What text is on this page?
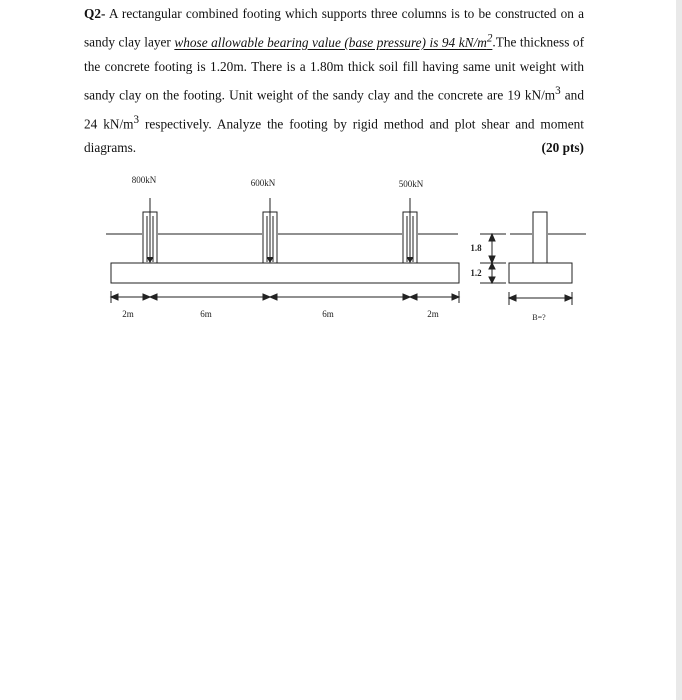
Q2- A rectangular combined footing which supports three columns is to be constructed on a sandy clay layer whose allowable bearing value (base pressure) is 94 $kN/m^2.The$ thickness of the concrete footing is 1.20m. There is a 1.80m thick soil fill having same unit weight with sandy clay on the footing. Unit weight of the sandy clay and the concrete are 19 $kN/m^3$ and 24 $kN/m^3$ respectively. Analyze the footing by rigid method and plot shear and moment diagrams.	(20 pts)

800kN	600kN	500kN
2m	6m	6m	2m
1.8
1.2
B=?
